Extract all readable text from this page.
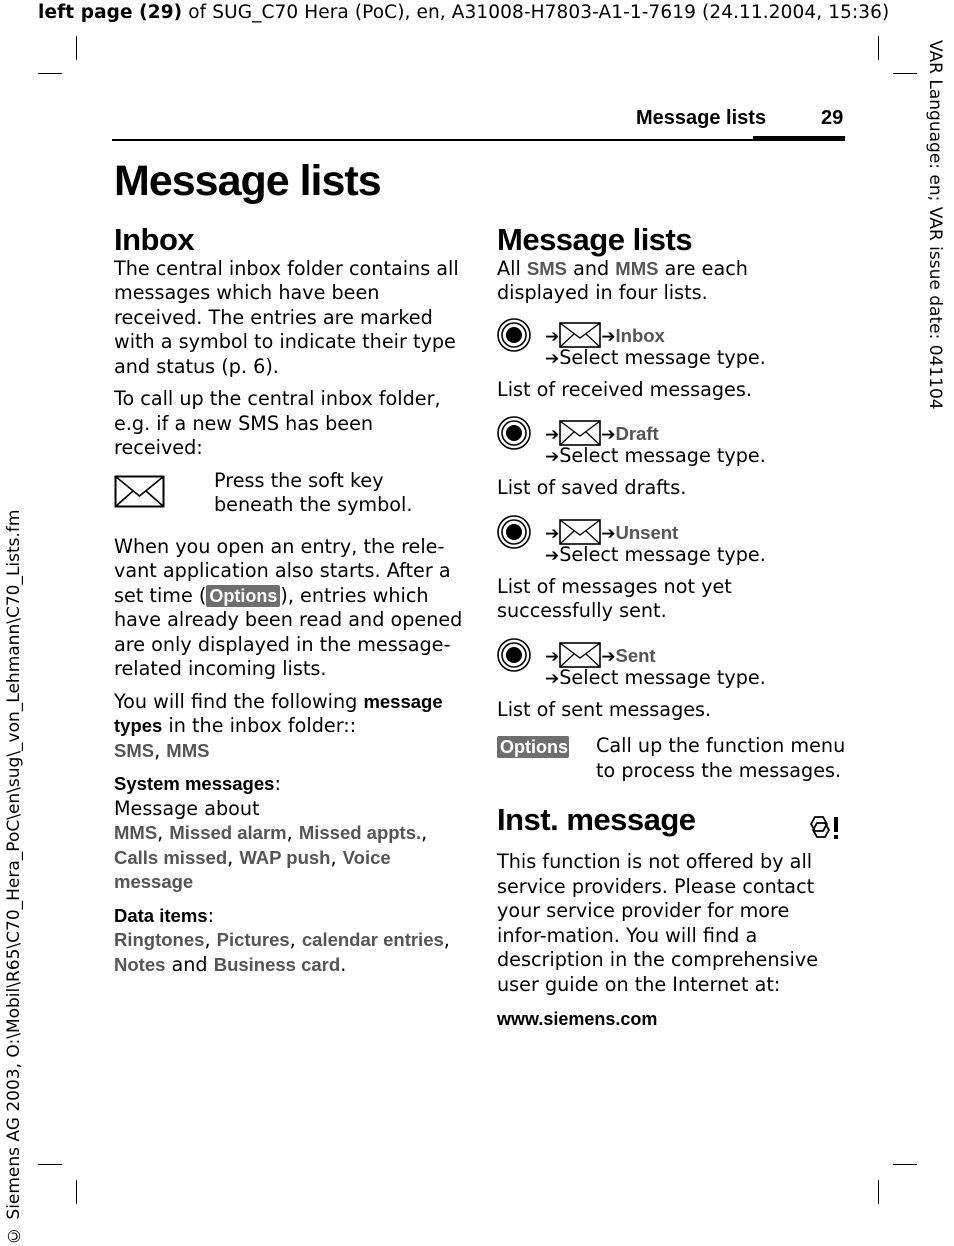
left page (29) of SUG_C70 Hera (PoC), en, A31008-H7803-A1-1-7619 (24.11.2004, 15:36)
VAR Language: en; VAR issue date: 041104
© Siemens AG 2003, O:\Mobil\R65\C70_Hera_PoC\en\sug\_von_Lehmann\C70_Lists.fm
Message lists	29
Message lists
Inbox

The central inbox folder contains all messages which have been received. The entries are marked with a symbol to indicate their type and status (p. 6).

To call up the central inbox folder, e.g. if a new SMS has been received:

Press the soft key beneath the symbol.

When you open an entry, the rele-vant application also starts. After a set time ( Options ), entries which have already been read and opened are only displayed in the message-related incoming lists.

You will find the following message types in the inbox folder::
SMS, MMS

System messages:
Message about
MMS, Missed alarm, Missed appts.,
Calls missed, WAP push, Voice message

Data items:
Ringtones, Pictures, calendar entries,
Notes and Business card.

Message lists

All SMS and MMS are each displayed in four lists.

➔ ➔Inbox
➔Select message type.

List of received messages.

➔ ➔Draft
➔Select message type.

List of saved drafts.

➔ ➔Unsent
➔Select message type.

List of messages not yet successfully sent.

➔ ➔Sent
➔Select message type.

List of sent messages.

Options Call up the function menu to process the messages.
Inst. message

This function is not offered by all service providers. Please contact your service provider for more infor-mation. You will find a description in the comprehensive user guide on the Internet at:

www.siemens.com
